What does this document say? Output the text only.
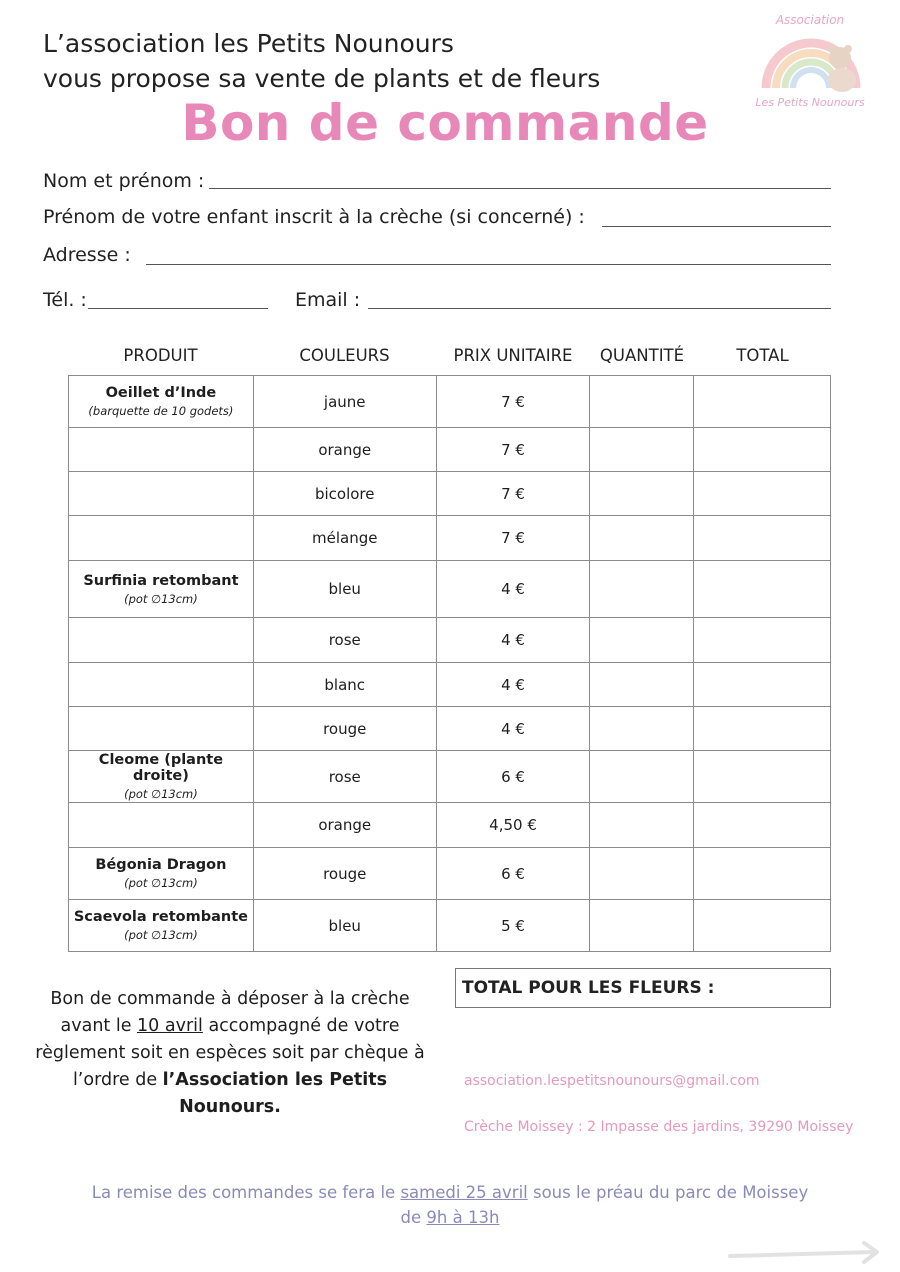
L’association les Petits Nounours
vous propose sa vente de plants et de fleurs
Association
Les Petits Nounours
Bon de commande
Nom et prénom :
Prénom de votre enfant inscrit à la crèche (si concerné) :
Adresse :
Tél. :	Email :
PRODUIT	COULEURS	PRIX UNITAIRE	QUANTITÉ	TOTAL
Oeillet d’Inde
(barquette de 10 godets)	jaune	7 €		
	orange	7 €		
	bicolore	7 €		
	mélange	7 €		

Surfinia retombant
(pot ∅13cm)	bleu	4 €		
	rose	4 €		
	blanc	4 €		
	rouge	4 €		

Cleome (plante droite)
(pot ∅13cm)	rose	6 €		
	orange	4,50 €		

Bégonia Dragon
(pot ∅13cm)	rouge	6 €		

Scaevola retombante
(pot ∅13cm)	bleu	5 €		
TOTAL POUR LES FLEURS :
Bon de commande à déposer à la crèche avant le 10 avril accompagné de votre règlement soit en espèces soit par chèque à l’ordre de l’Association les Petits Nounours.
association.lespetitsnounours@gmail.com
Crèche Moissey : 2 Impasse des jardins, 39290 Moissey
La remise des commandes se fera le samedi 25 avril sous le préau du parc de Moissey
de 9h à 13h
